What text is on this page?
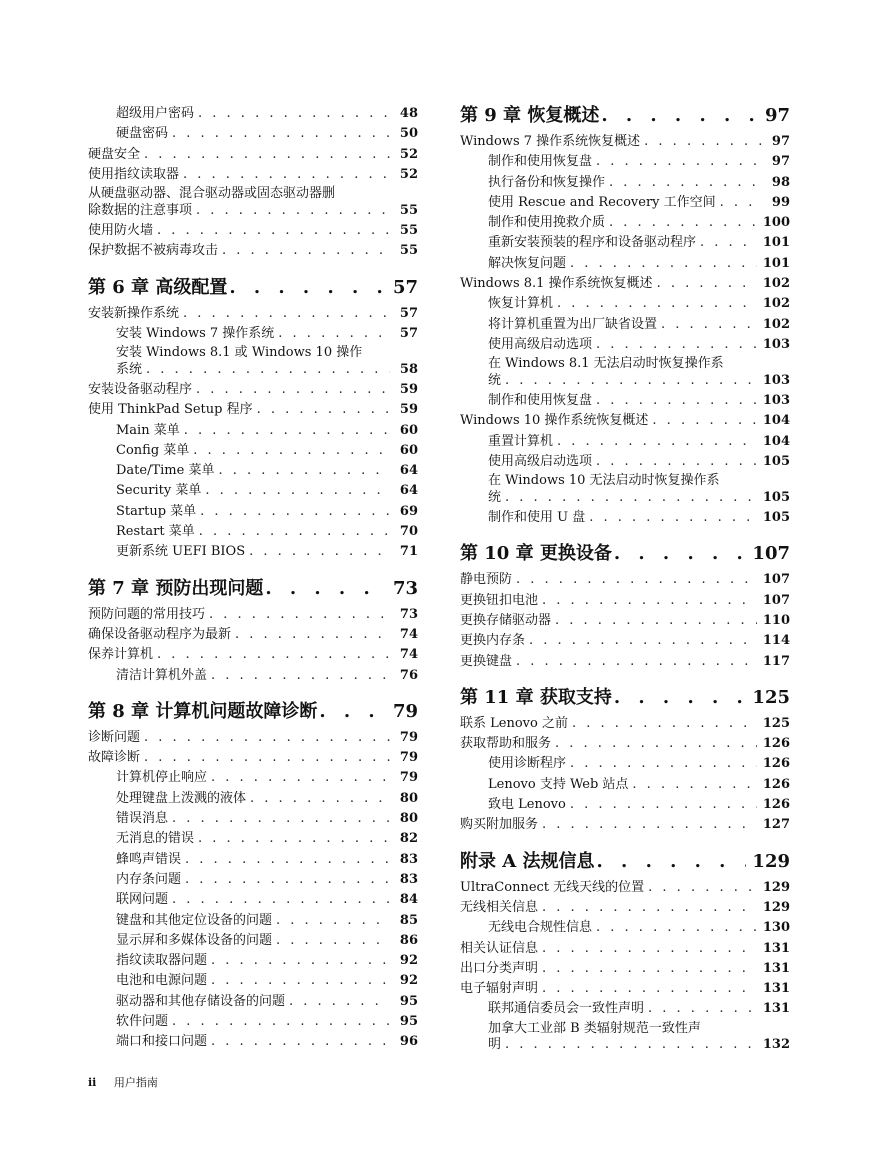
超级用户密码 . . .	48
硬盘密码 . . .	50
硬盘安全 . . .	52
使用指纹读取器 . . .	52
从硬盘驱动器、混合驱动器或固态驱动器删
除数据的注意事项 . . .	55
使用防火墙 . . .	55
保护数据不被病毒攻击 . . .	55
第 6 章 高级配置 . . .	57
安装新操作系统 . . .	57
安装 Windows 7 操作系统 . . .	57
安装 Windows 8.1 或 Windows 10 操作
系统 . . .	58
安装设备驱动程序 . . .	59
使用 ThinkPad Setup 程序 . . .	59
Main 菜单 . . .	60
Config 菜单 . . .	60
Date/Time 菜单 . . .	64
Security 菜单 . . .	64
Startup 菜单 . . .	69
Restart 菜单 . . .	70
更新系统 UEFI BIOS . . .	71
第 7 章 预防出现问题 . . .	73
预防问题的常用技巧 . . .	73
确保设备驱动程序为最新 . . .	74
保养计算机 . . .	74
清洁计算机外盖 . . .	76
第 8 章 计算机问题故障诊断 . . .	79
诊断问题 . . .	79
故障诊断 . . .	79
计算机停止响应 . . .	79
处理键盘上泼溅的液体 . . .	80
错误消息 . . .	80
无消息的错误 . . .	82
蜂鸣声错误 . . .	83
内存条问题 . . .	83
联网问题 . . .	84
键盘和其他定位设备的问题 . . .	85
显示屏和多媒体设备的问题 . . .	86
指纹读取器问题 . . .	92
电池和电源问题 . . .	92
驱动器和其他存储设备的问题 . . .	95
软件问题 . . .	95
端口和接口问题 . . .	96
第 9 章 恢复概述 . . .	97
Windows 7 操作系统恢复概述 . . .	97
制作和使用恢复盘 . . .	97
执行备份和恢复操作 . . .	98
使用 Rescue and Recovery 工作空间 . . .	99
制作和使用挽救介质 . . .	100
重新安装预装的程序和设备驱动程序 . . .	101
解决恢复问题 . . .	101
Windows 8.1 操作系统恢复概述 . . .	102
恢复计算机 . . .	102
将计算机重置为出厂缺省设置 . . .	102
使用高级启动选项 . . .	103
在 Windows 8.1 无法启动时恢复操作系
统 . . .	103
制作和使用恢复盘 . . .	103
Windows 10 操作系统恢复概述 . . .	104
重置计算机 . . .	104
使用高级启动选项 . . .	105
在 Windows 10 无法启动时恢复操作系
统 . . .	105
制作和使用 U 盘 . . .	105
第 10 章 更换设备 . . .	107
静电预防 . . .	107
更换钮扣电池 . . .	107
更换存储驱动器 . . .	110
更换内存条 . . .	114
更换键盘 . . .	117
第 11 章 获取支持 . . .	125
联系 Lenovo 之前 . . .	125
获取帮助和服务 . . .	126
使用诊断程序 . . .	126
Lenovo 支持 Web 站点 . . .	126
致电 Lenovo . . .	126
购买附加服务 . . .	127
附录 A 法规信息 . . .	129
UltraConnect 无线天线的位置 . . .	129
无线相关信息 . . .	129
无线电合规性信息 . . .	130
相关认证信息 . . .	131
出口分类声明 . . .	131
电子辐射声明 . . .	131
联邦通信委员会一致性声明 . . .	131
加拿大工业部 B 类辐射规范一致性声
明 . . .	132
ii 用户指南
